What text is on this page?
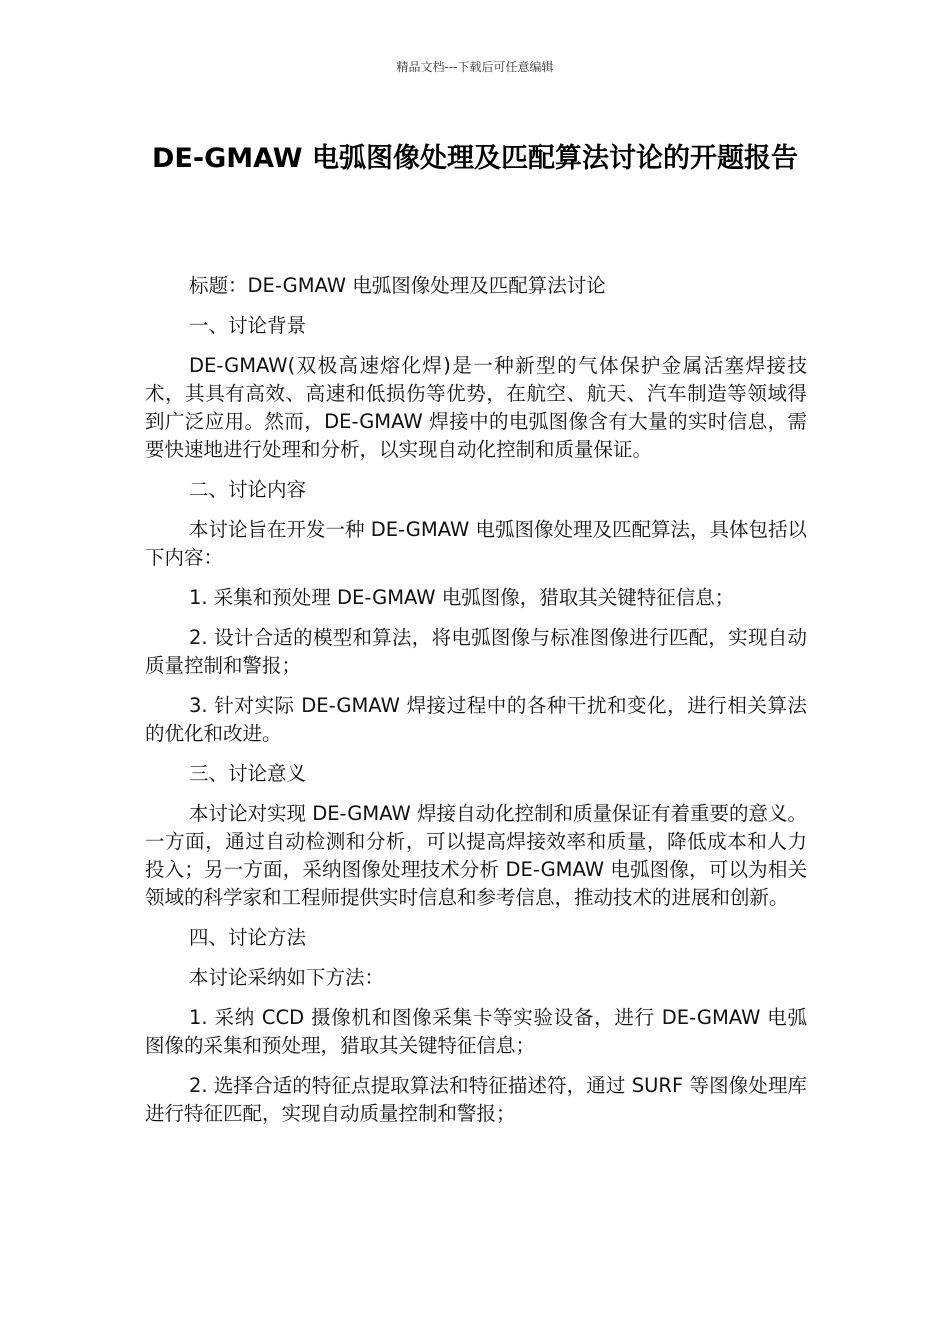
精品文档---下载后可任意编辑
DE-GMAW 电弧图像处理及匹配算法讨论的开题报告

标题：DE-GMAW 电弧图像处理及匹配算法讨论

一、讨论背景

DE-GMAW(双极高速熔化焊)是一种新型的气体保护金属活塞焊接技术，其具有高效、高速和低损伤等优势，在航空、航天、汽车制造等领域得到广泛应用。然而，DE-GMAW 焊接中的电弧图像含有大量的实时信息，需要快速地进行处理和分析，以实现自动化控制和质量保证。

二、讨论内容

本讨论旨在开发一种 DE-GMAW 电弧图像处理及匹配算法，具体包括以下内容：

1. 采集和预处理 DE-GMAW 电弧图像，猎取其关键特征信息；

2. 设计合适的模型和算法，将电弧图像与标准图像进行匹配，实现自动质量控制和警报；

3. 针对实际 DE-GMAW 焊接过程中的各种干扰和变化，进行相关算法的优化和改进。

三、讨论意义

本讨论对实现 DE-GMAW 焊接自动化控制和质量保证有着重要的意义。一方面，通过自动检测和分析，可以提高焊接效率和质量，降低成本和人力投入；另一方面，采纳图像处理技术分析 DE-GMAW 电弧图像，可以为相关领域的科学家和工程师提供实时信息和参考信息，推动技术的进展和创新。

四、讨论方法

本讨论采纳如下方法：

1. 采纳 CCD 摄像机和图像采集卡等实验设备，进行 DE-GMAW 电弧图像的采集和预处理，猎取其关键特征信息；

2. 选择合适的特征点提取算法和特征描述符，通过 SURF 等图像处理库进行特征匹配，实现自动质量控制和警报；
